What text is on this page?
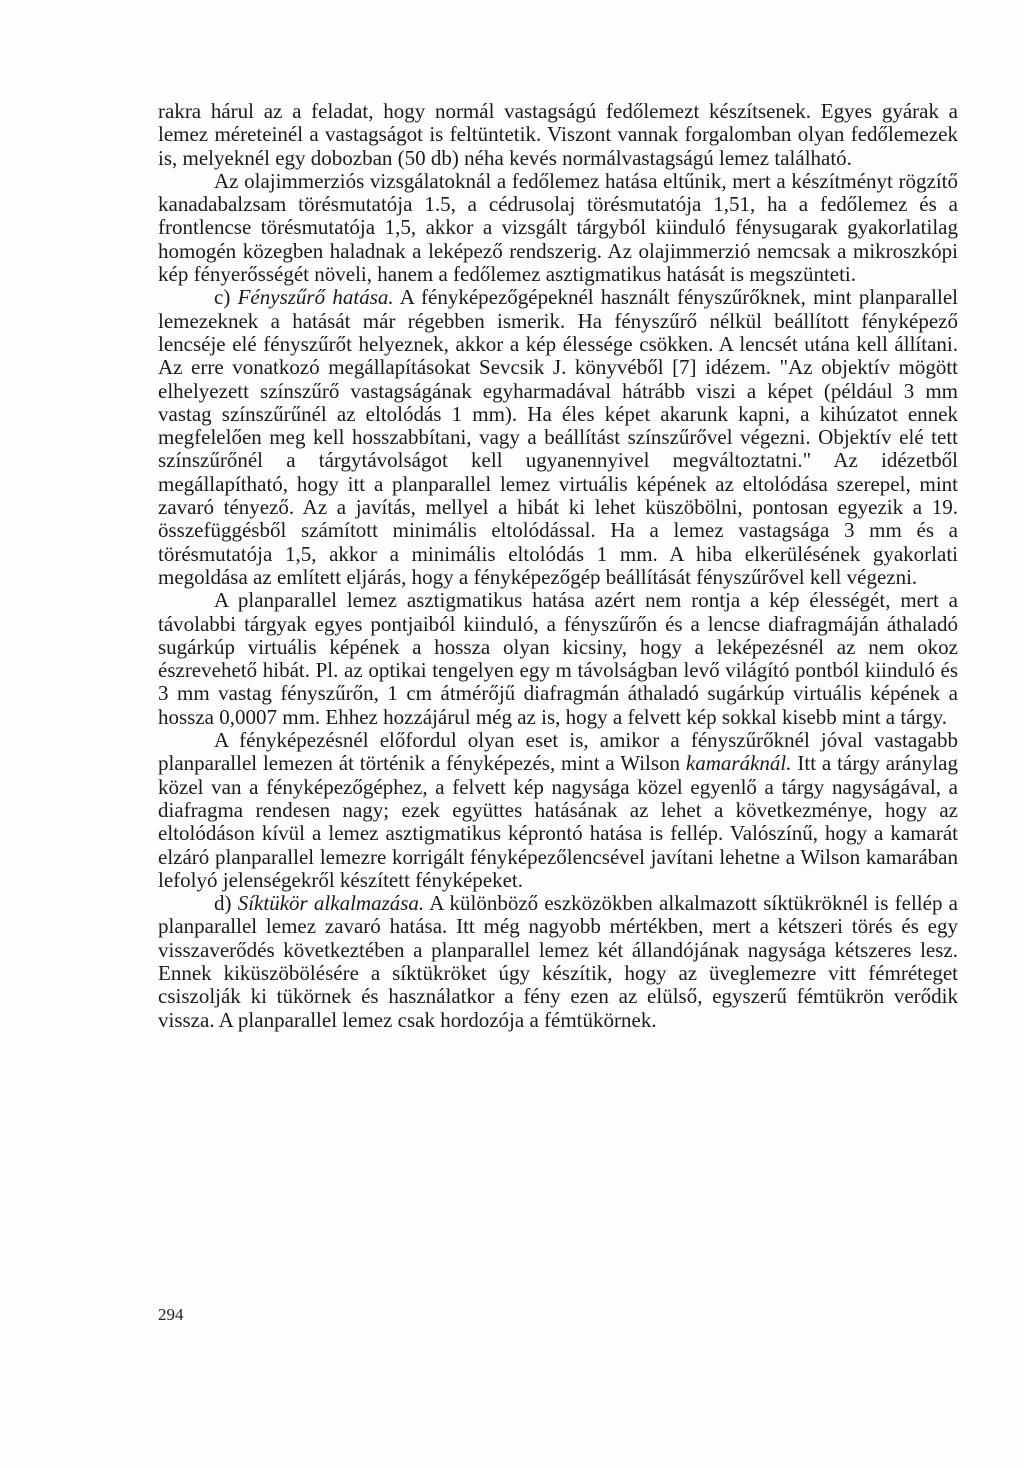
rakra hárul az a feladat, hogy normál vastagságú fedőlemezt készítsenek. Egyes gyárak a lemez méreteinél a vastagságot is feltüntetik. Viszont vannak forgalomban olyan fedőlemezek is, melyeknél egy dobozban (50 db) néha kevés normálvastagságú lemez található.

Az olajimmerziós vizsgálatoknál a fedőlemez hatása eltűnik, mert a készítményt rögzítő kanadabalzsam törésmutatója 1.5, a cédrusolaj törésmutatója 1,51, ha a fedőlemez és a frontlencse törésmutatója 1,5, akkor a vizsgált tárgyból kiinduló fénysugarak gyakorlatilag homogén közegben haladnak a leképező rendszerig. Az olajimmerzió nemcsak a mikroszkópi kép fényerősségét növeli, hanem a fedőlemez asztigmatikus hatását is megszünteti.

c) Fényszűrő hatása. A fényképezőgépeknél használt fényszűrőknek, mint planparallel lemezeknek a hatását már régebben ismerik. Ha fényszűrő nélkül beállított fényképező lencséje elé fényszűrőt helyeznek, akkor a kép élessége csökken. A lencsét utána kell állítani. Az erre vonatkozó megállapításokat Sevcsik J. könyvéből [7] idézem. "Az objektív mögött elhelyezett színszűrő vastagságának egyharmadával hátrább viszi a képet (például 3 mm vastag színszűrűnél az eltolódás 1 mm). Ha éles képet akarunk kapni, a kihúzatot ennek megfelelően meg kell hosszabbítani, vagy a beállítást színszűrővel végezni. Objektív elé tett színszűrőnél a tárgytávolságot kell ugyanennyivel megváltoztatni." Az idézetből megállapítható, hogy itt a planparallel lemez virtuális képének az eltolódása szerepel, mint zavaró tényező. Az a javítás, mellyel a hibát ki lehet küszöbölni, pontosan egyezik a 19. összefüggésből számított minimális eltolódással. Ha a lemez vastagsága 3 mm és a törésmutatója 1,5, akkor a minimális eltolódás 1 mm. A hiba elkerülésének gyakorlati megoldása az említett eljárás, hogy a fényképezőgép beállítását fényszűrővel kell végezni.

A planparallel lemez asztigmatikus hatása azért nem rontja a kép élességét, mert a távolabbi tárgyak egyes pontjaiból kiinduló, a fényszűrőn és a lencse diafragmáján áthaladó sugárkúp virtuális képének a hossza olyan kicsiny, hogy a leképezésnél az nem okoz észrevehető hibát. Pl. az optikai tengelyen egy m távolságban levő világító pontból kiinduló és 3 mm vastag fényszűrőn, 1 cm átmérőjű diafragmán áthaladó sugárkúp virtuális képének a hossza 0,0007 mm. Ehhez hozzájárul még az is, hogy a felvett kép sokkal kisebb mint a tárgy.

A fényképezésnél előfordul olyan eset is, amikor a fényszűrőknél jóval vastagabb planparallel lemezen át történik a fényképezés, mint a Wilson kamaráknál. Itt a tárgy aránylag közel van a fényképezőgéphez, a felvett kép nagysága közel egyenlő a tárgy nagyságával, a diafragma rendesen nagy; ezek együttes hatásának az lehet a következménye, hogy az eltolódáson kívül a lemez asztigmatikus képrontó hatása is fellép. Valószínű, hogy a kamarát elzáró planparallel lemezre korrigált fényképezőlencsével javítani lehetne a Wilson kamarában lefolyó jelenségekről készített fényképeket.

d) Síktükör alkalmazása. A különböző eszközökben alkalmazott síktükröknél is fellép a planparallel lemez zavaró hatása. Itt még nagyobb mértékben, mert a kétszeri törés és egy visszaverődés következtében a planparallel lemez két állandójának nagysága kétszeres lesz. Ennek kiküszöbölésére a síktükröket úgy készítik, hogy az üveglemezre vitt fémréteget csiszolják ki tükörnek és használatkor a fény ezen az elülső, egyszerű fémtükrön verődik vissza. A planparallel lemez csak hordozója a fémtükörnek.

294
